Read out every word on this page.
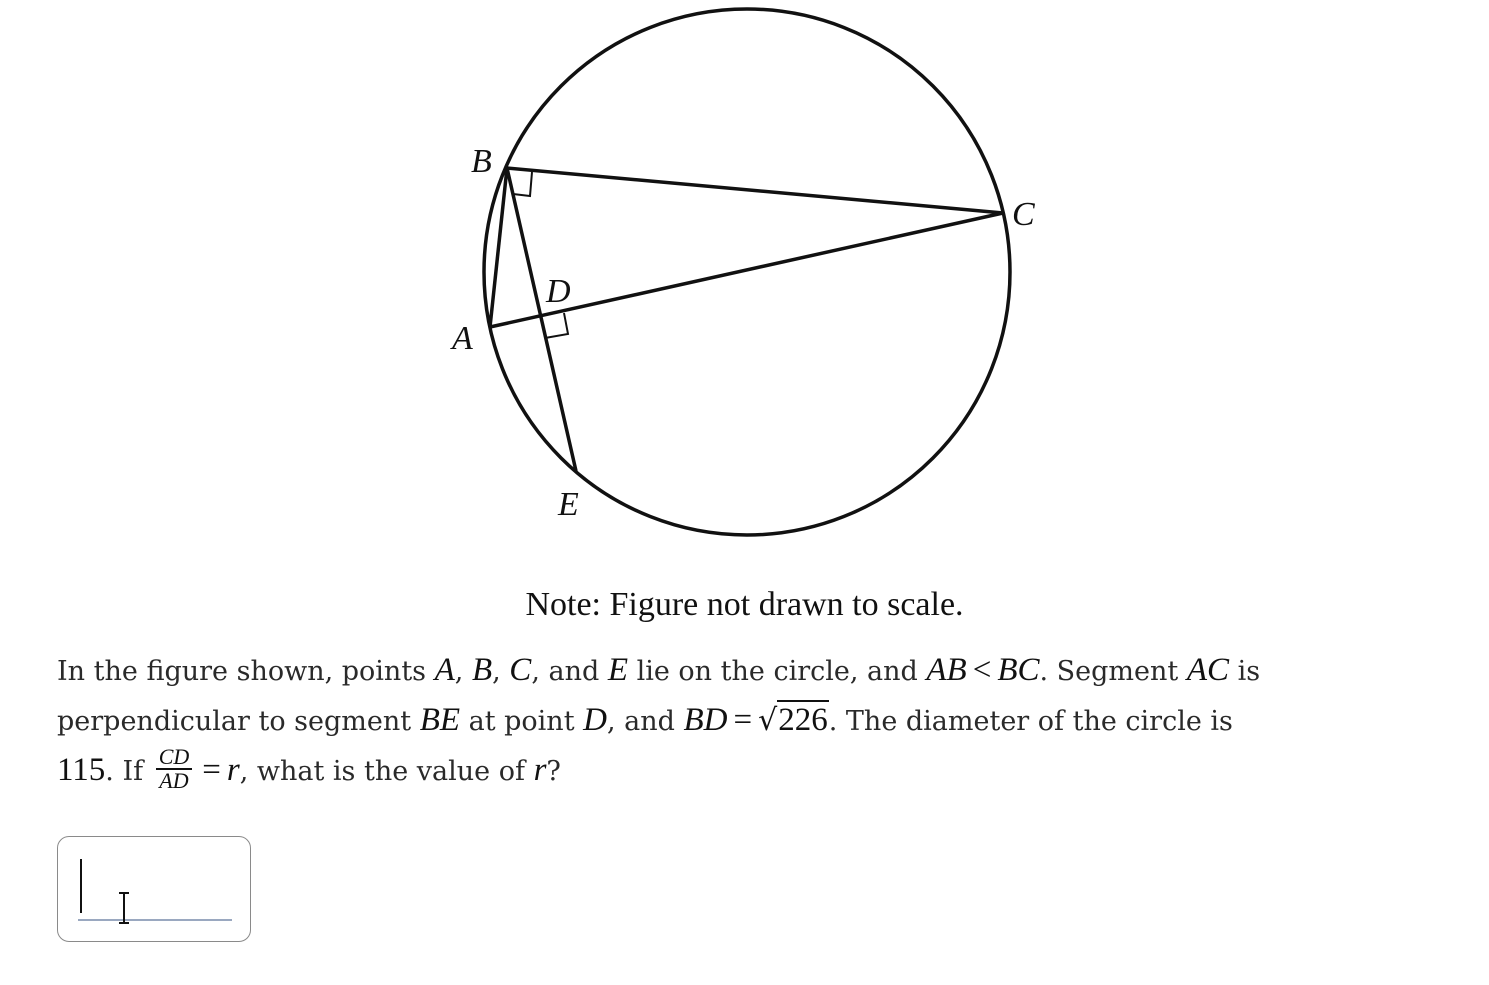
B
C
D
A
E
Note: Figure not drawn to scale.
In the figure shown, points A, B, C, and E lie on the circle, and AB < BC. Segment AC is perpendicular to segment BE at point D, and BD = √226. The diameter of the circle is
115. If $\frac{CD}{AD} = r$, what is the value of r?
